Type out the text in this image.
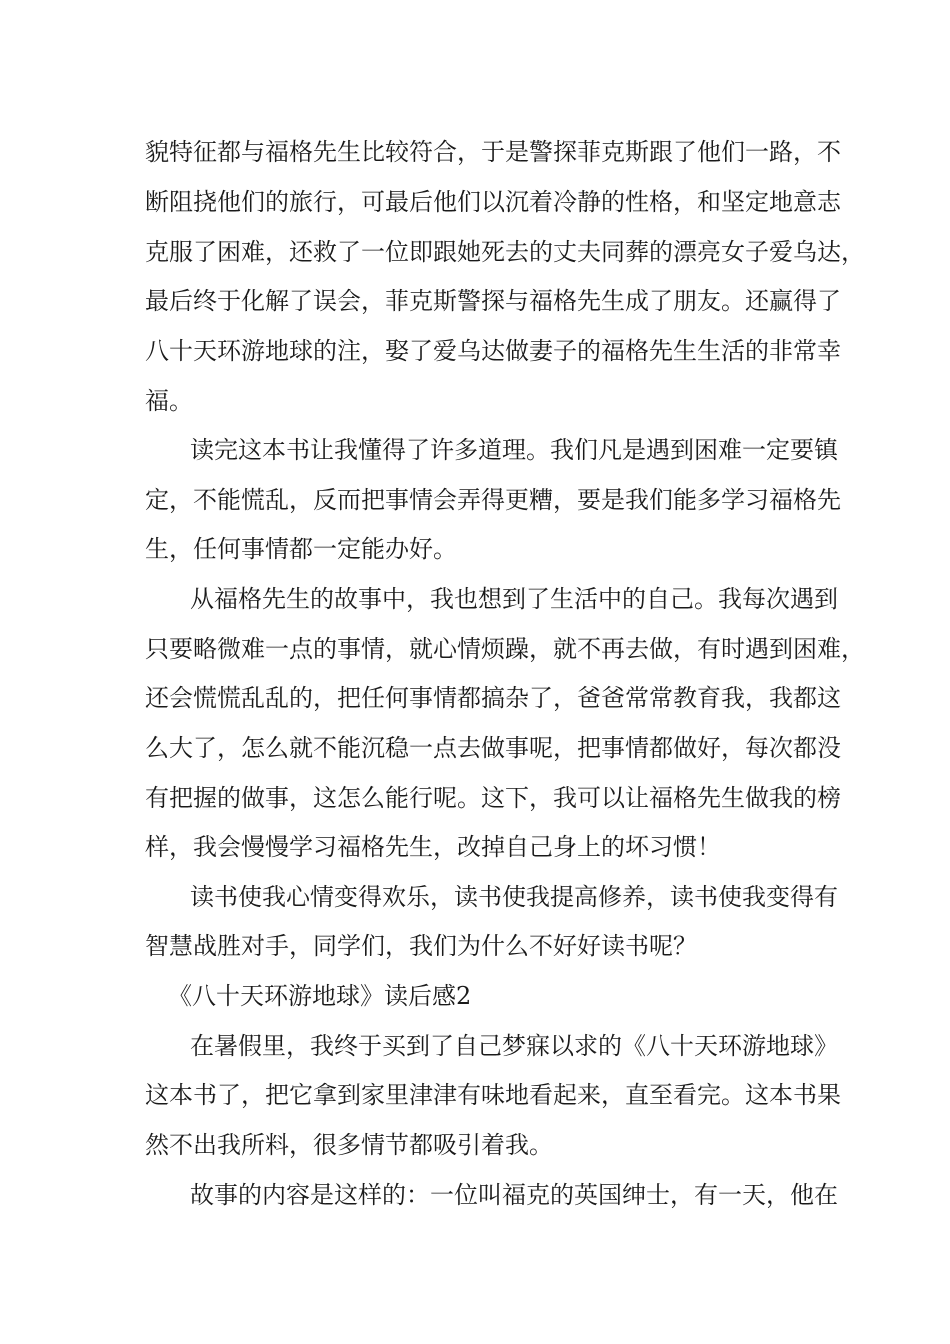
貌特征都与福格先生比较符合，于是警探菲克斯跟了他们一路，不
断阻挠他们的旅行，可最后他们以沉着冷静的性格，和坚定地意志
克服了困难，还救了一位即跟她死去的丈夫同葬的漂亮女子爱乌达，
最后终于化解了误会，菲克斯警探与福格先生成了朋友。还赢得了
八十天环游地球的注，娶了爱乌达做妻子的福格先生生活的非常幸
福。
读完这本书让我懂得了许多道理。我们凡是遇到困难一定要镇
定，不能慌乱，反而把事情会弄得更糟，要是我们能多学习福格先
生，任何事情都一定能办好。
从福格先生的故事中，我也想到了生活中的自己。我每次遇到
只要略微难一点的事情，就心情烦躁，就不再去做，有时遇到困难，
还会慌慌乱乱的，把任何事情都搞杂了，爸爸常常教育我，我都这
么大了，怎么就不能沉稳一点去做事呢，把事情都做好，每次都没
有把握的做事，这怎么能行呢。这下，我可以让福格先生做我的榜
样，我会慢慢学习福格先生，改掉自己身上的坏习惯！
读书使我心情变得欢乐，读书使我提高修养，读书使我变得有
智慧战胜对手，同学们，我们为什么不好好读书呢？
《八十天环游地球》读后感2
在暑假里，我终于买到了自己梦寐以求的《八十天环游地球》
这本书了，把它拿到家里津津有味地看起来，直至看完。这本书果
然不出我所料，很多情节都吸引着我。
故事的内容是这样的：一位叫福克的英国绅士，有一天，他在
